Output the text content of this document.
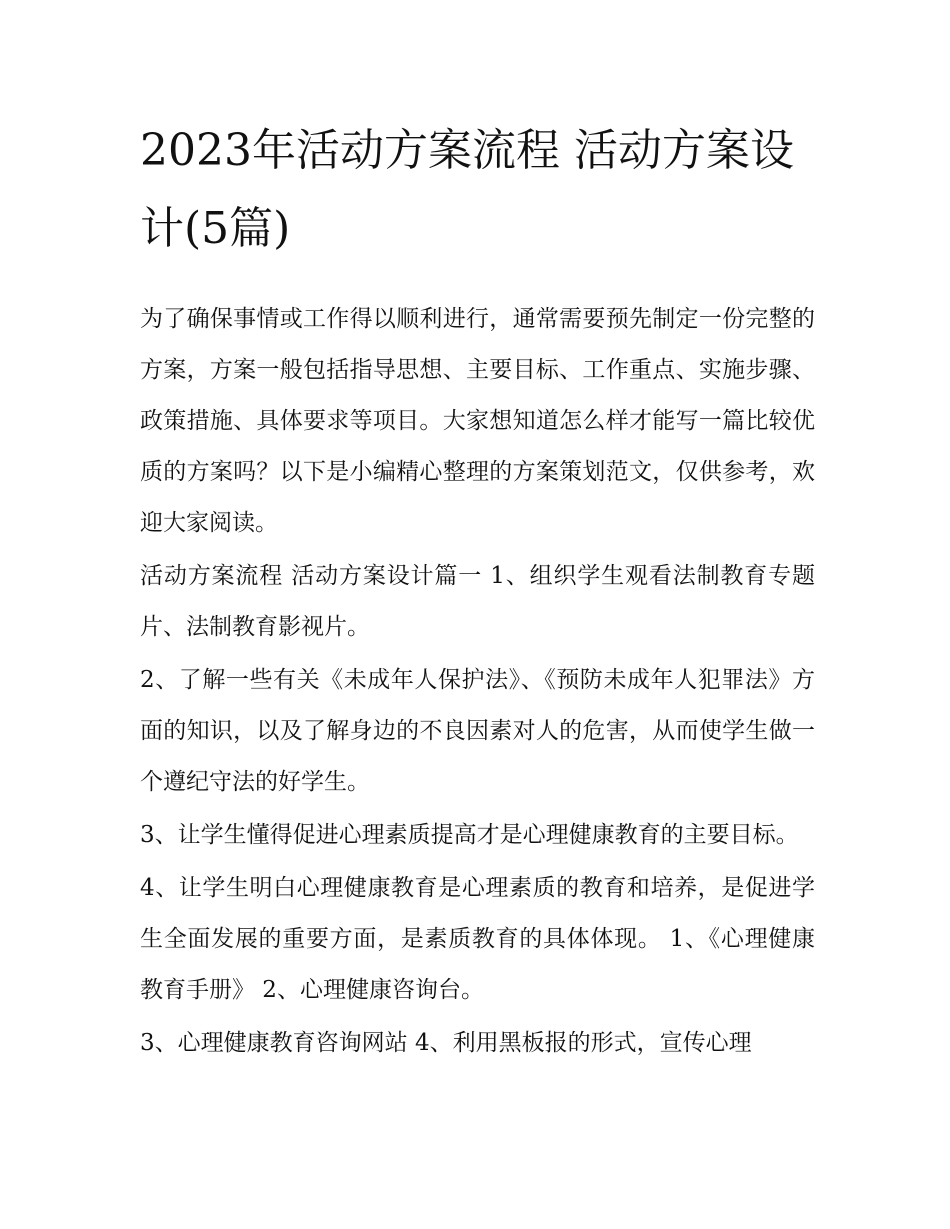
2023年活动方案流程 活动方案设计(5篇)

为了确保事情或工作得以顺利进行，通常需要预先制定一份完整的方案，方案一般包括指导思想、主要目标、工作重点、实施步骤、政策措施、具体要求等项目。大家想知道怎么样才能写一篇比较优质的方案吗？以下是小编精心整理的方案策划范文，仅供参考，欢迎大家阅读。

活动方案流程 活动方案设计篇一 1、组织学生观看法制教育专题片、法制教育影视片。

2、了解一些有关《未成年人保护法》、《预防未成年人犯罪法》方面的知识，以及了解身边的不良因素对人的危害，从而使学生做一个遵纪守法的好学生。

3、让学生懂得促进心理素质提高才是心理健康教育的主要目标。

4、让学生明白心理健康教育是心理素质的教育和培养，是促进学生全面发展的重要方面，是素质教育的具体体现。 1、《心理健康教育手册》 2、心理健康咨询台。

3、心理健康教育咨询网站 4、利用黑板报的形式，宣传心理
